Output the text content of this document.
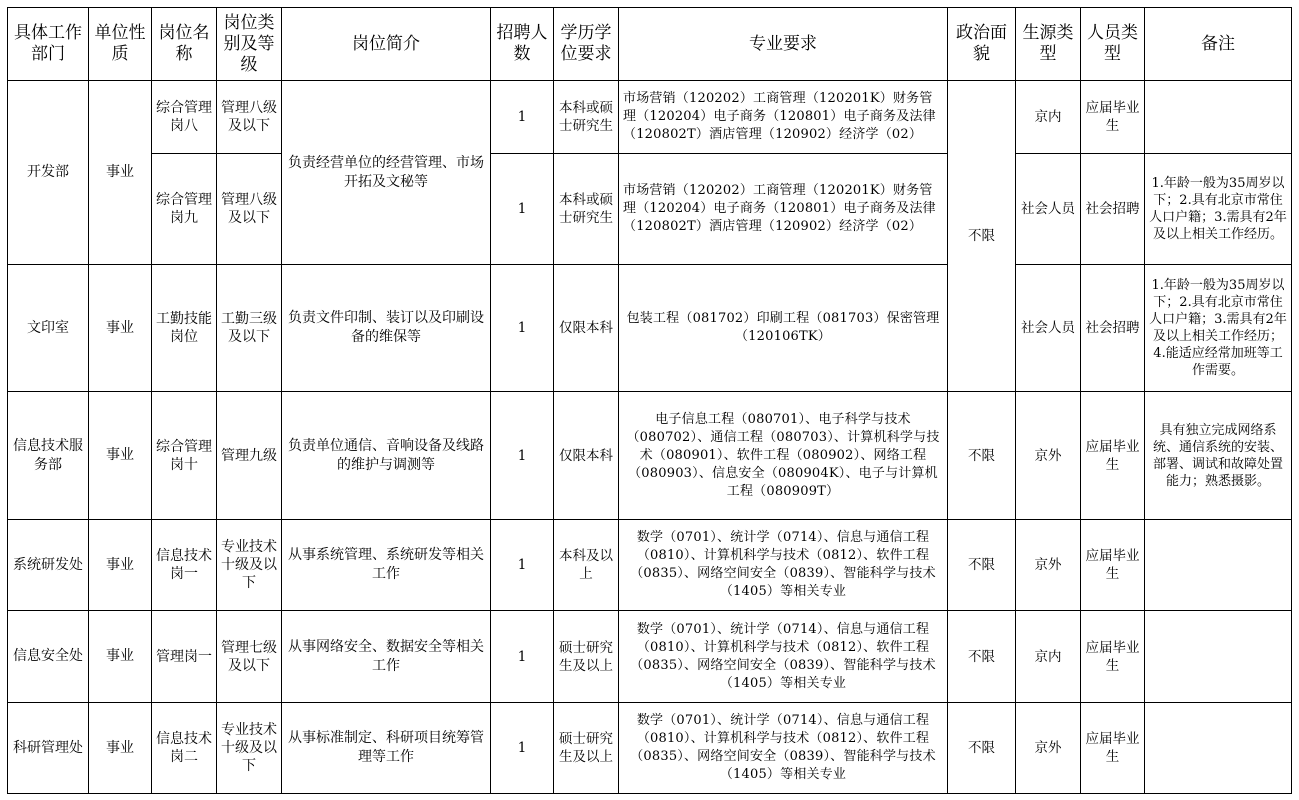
具体工作部门	单位性质	岗位名称	岗位类别及等级	岗位简介	招聘人数	学历学位要求	专业要求	政治面貌	生源类型	人员类型	备注
开发部	事业	综合管理岗八	管理八级及以下	负责经营单位的经营管理、市场开拓及文秘等	1	本科或硕士研究生	市场营销（120202）工商管理（120201K）财务管理（120204）电子商务（120801）电子商务及法律（120802T）酒店管理（120902）经济学（02）	不限	京内	应届毕业生	
		综合管理岗九	管理八级及以下		1	本科或硕士研究生	市场营销（120202）工商管理（120201K）财务管理（120204）电子商务（120801）电子商务及法律（120802T）酒店管理（120902）经济学（02）		社会人员	社会招聘	1.年龄一般为35周岁以下；2.具有北京市常住人口户籍；3.需具有2年及以上相关工作经历。
文印室	事业	工勤技能岗位	工勤三级及以下	负责文件印制、装订以及印刷设备的维保等	1	仅限本科	包装工程（081702）印刷工程（081703）保密管理（120106TK）		社会人员	社会招聘	1.年龄一般为35周岁以下；2.具有北京市常住人口户籍；3.需具有2年及以上相关工作经历；4.能适应经常加班等工作需要。
信息技术服务部	事业	综合管理岗十	管理九级	负责单位通信、音响设备及线路的维护与调测等	1	仅限本科	电子信息工程（080701）、电子科学与技术（080702）、通信工程（080703）、计算机科学与技术（080901）、软件工程（080902）、网络工程（080903）、信息安全（080904K）、电子与计算机工程（080909T）	不限	京外	应届毕业生	具有独立完成网络系统、通信系统的安装、部署、调试和故障处置能力；熟悉摄影。
系统研发处	事业	信息技术岗一	专业技术十级及以下	从事系统管理、系统研发等相关工作	1	本科及以上	数学（0701）、统计学（0714）、信息与通信工程（0810）、计算机科学与技术（0812）、软件工程（0835）、网络空间安全（0839）、智能科学与技术（1405）等相关专业	不限	京外	应届毕业生	
信息安全处	事业	管理岗一	管理七级及以下	从事网络安全、数据安全等相关工作	1	硕士研究生及以上	数学（0701）、统计学（0714）、信息与通信工程（0810）、计算机科学与技术（0812）、软件工程（0835）、网络空间安全（0839）、智能科学与技术（1405）等相关专业	不限	京内	应届毕业生	
科研管理处	事业	信息技术岗二	专业技术十级及以下	从事标准制定、科研项目统筹管理等工作	1	硕士研究生及以上	数学（0701）、统计学（0714）、信息与通信工程（0810）、计算机科学与技术（0812）、软件工程（0835）、网络空间安全（0839）、智能科学与技术（1405）等相关专业	不限	京外	应届毕业生	
